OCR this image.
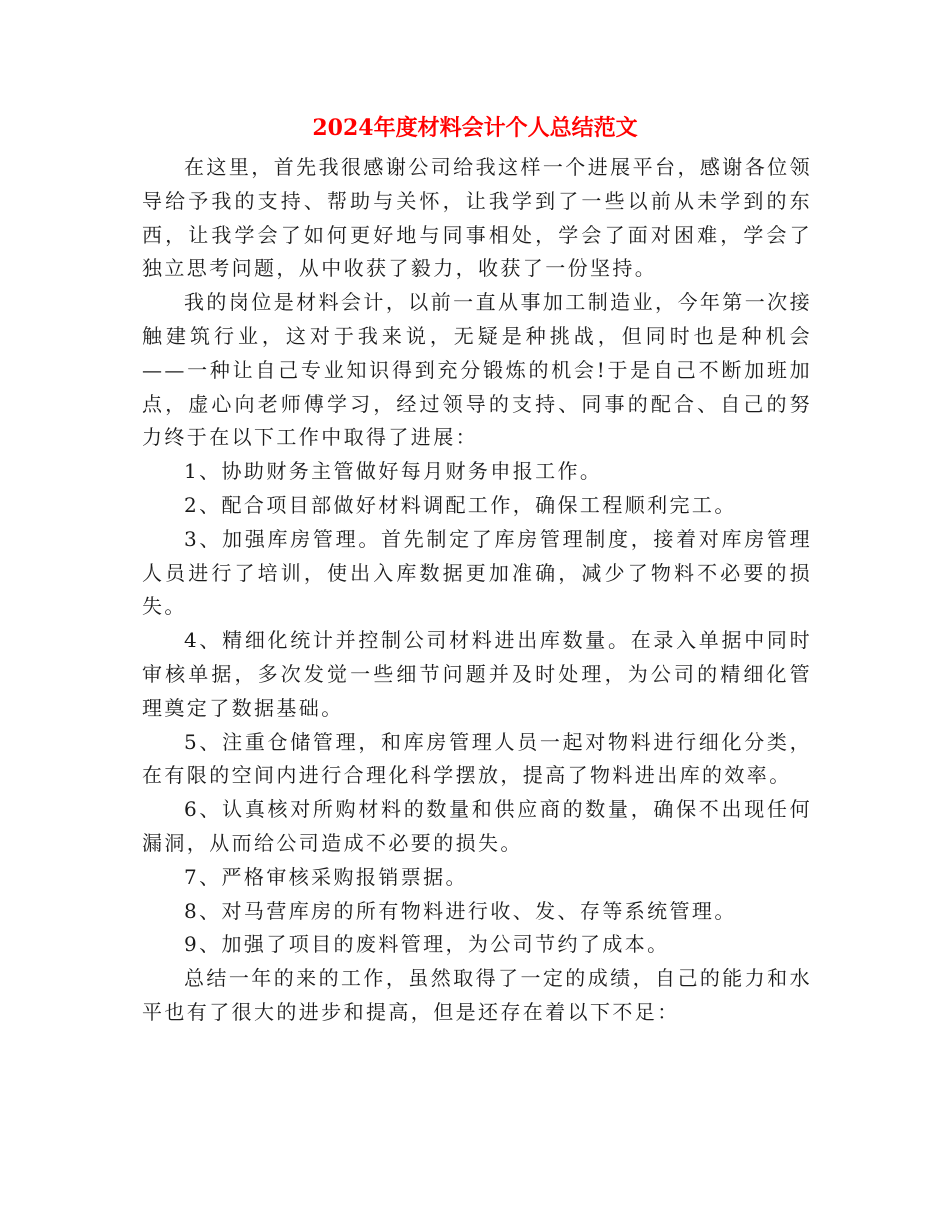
2024年度材料会计个人总结范文

在这里，首先我很感谢公司给我这样一个进展平台，感谢各位领导给予我的支持、帮助与关怀，让我学到了一些以前从未学到的东西，让我学会了如何更好地与同事相处，学会了面对困难，学会了独立思考问题，从中收获了毅力，收获了一份坚持。

我的岗位是材料会计，以前一直从事加工制造业，今年第一次接触建筑行业，这对于我来说，无疑是种挑战，但同时也是种机会——一种让自己专业知识得到充分锻炼的机会!于是自己不断加班加点，虚心向老师傅学习，经过领导的支持、同事的配合、自己的努力终于在以下工作中取得了进展：

1、协助财务主管做好每月财务申报工作。

2、配合项目部做好材料调配工作，确保工程顺利完工。

3、加强库房管理。首先制定了库房管理制度，接着对库房管理人员进行了培训，使出入库数据更加准确，减少了物料不必要的损失。

4、精细化统计并控制公司材料进出库数量。在录入单据中同时审核单据，多次发觉一些细节问题并及时处理，为公司的精细化管理奠定了数据基础。

5、注重仓储管理，和库房管理人员一起对物料进行细化分类，在有限的空间内进行合理化科学摆放，提高了物料进出库的效率。

6、认真核对所购材料的数量和供应商的数量，确保不出现任何漏洞，从而给公司造成不必要的损失。

7、严格审核采购报销票据。

8、对马营库房的所有物料进行收、发、存等系统管理。

9、加强了项目的废料管理，为公司节约了成本。

总结一年的来的工作，虽然取得了一定的成绩，自己的能力和水平也有了很大的进步和提高，但是还存在着以下不足：
